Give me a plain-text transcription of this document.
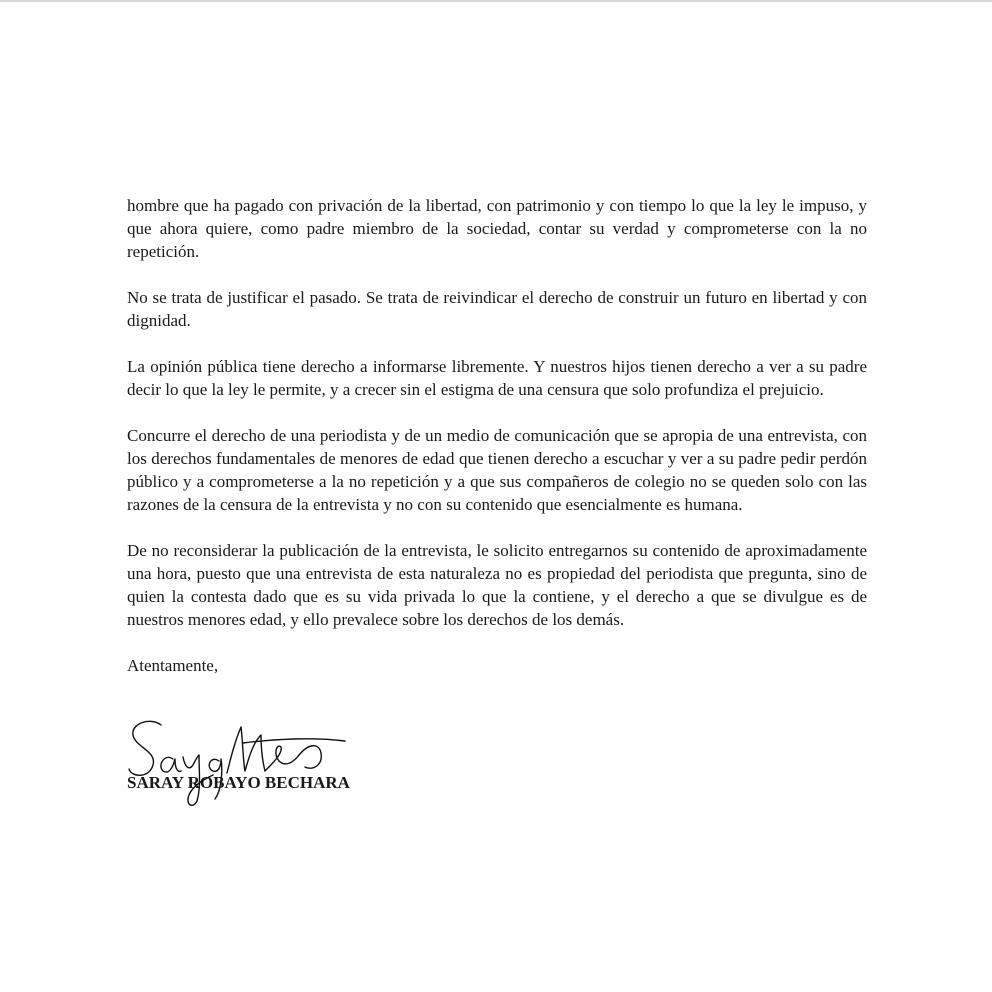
hombre que ha pagado con privación de la libertad, con patrimonio y con tiempo lo que la ley le impuso, y que ahora quiere, como padre miembro de la sociedad, contar su verdad y comprometerse con la no repetición.

No se trata de justificar el pasado. Se trata de reivindicar el derecho de construir un futuro en libertad y con dignidad.

La opinión pública tiene derecho a informarse libremente. Y nuestros hijos tienen derecho a ver a su padre decir lo que la ley le permite, y a crecer sin el estigma de una censura que solo profundiza el prejuicio.

Concurre el derecho de una periodista y de un medio de comunicación que se apropia de una entrevista, con los derechos fundamentales de menores de edad que tienen derecho a escuchar y ver a su padre pedir perdón público y a comprometerse a la no repetición y a que sus compañeros de colegio no se queden solo con las razones de la censura de la entrevista y no con su contenido que esencialmente es humana.

De no reconsiderar la publicación de la entrevista, le solicito entregarnos su contenido de aproximadamente una hora, puesto que una entrevista de esta naturaleza no es propiedad del periodista que pregunta, sino de quien la contesta dado que es su vida privada lo que la contiene, y el derecho a que se divulgue es de nuestros menores edad, y ello prevalece sobre los derechos de los demás.

Atentamente,

SARAY ROBAYO BECHARA
